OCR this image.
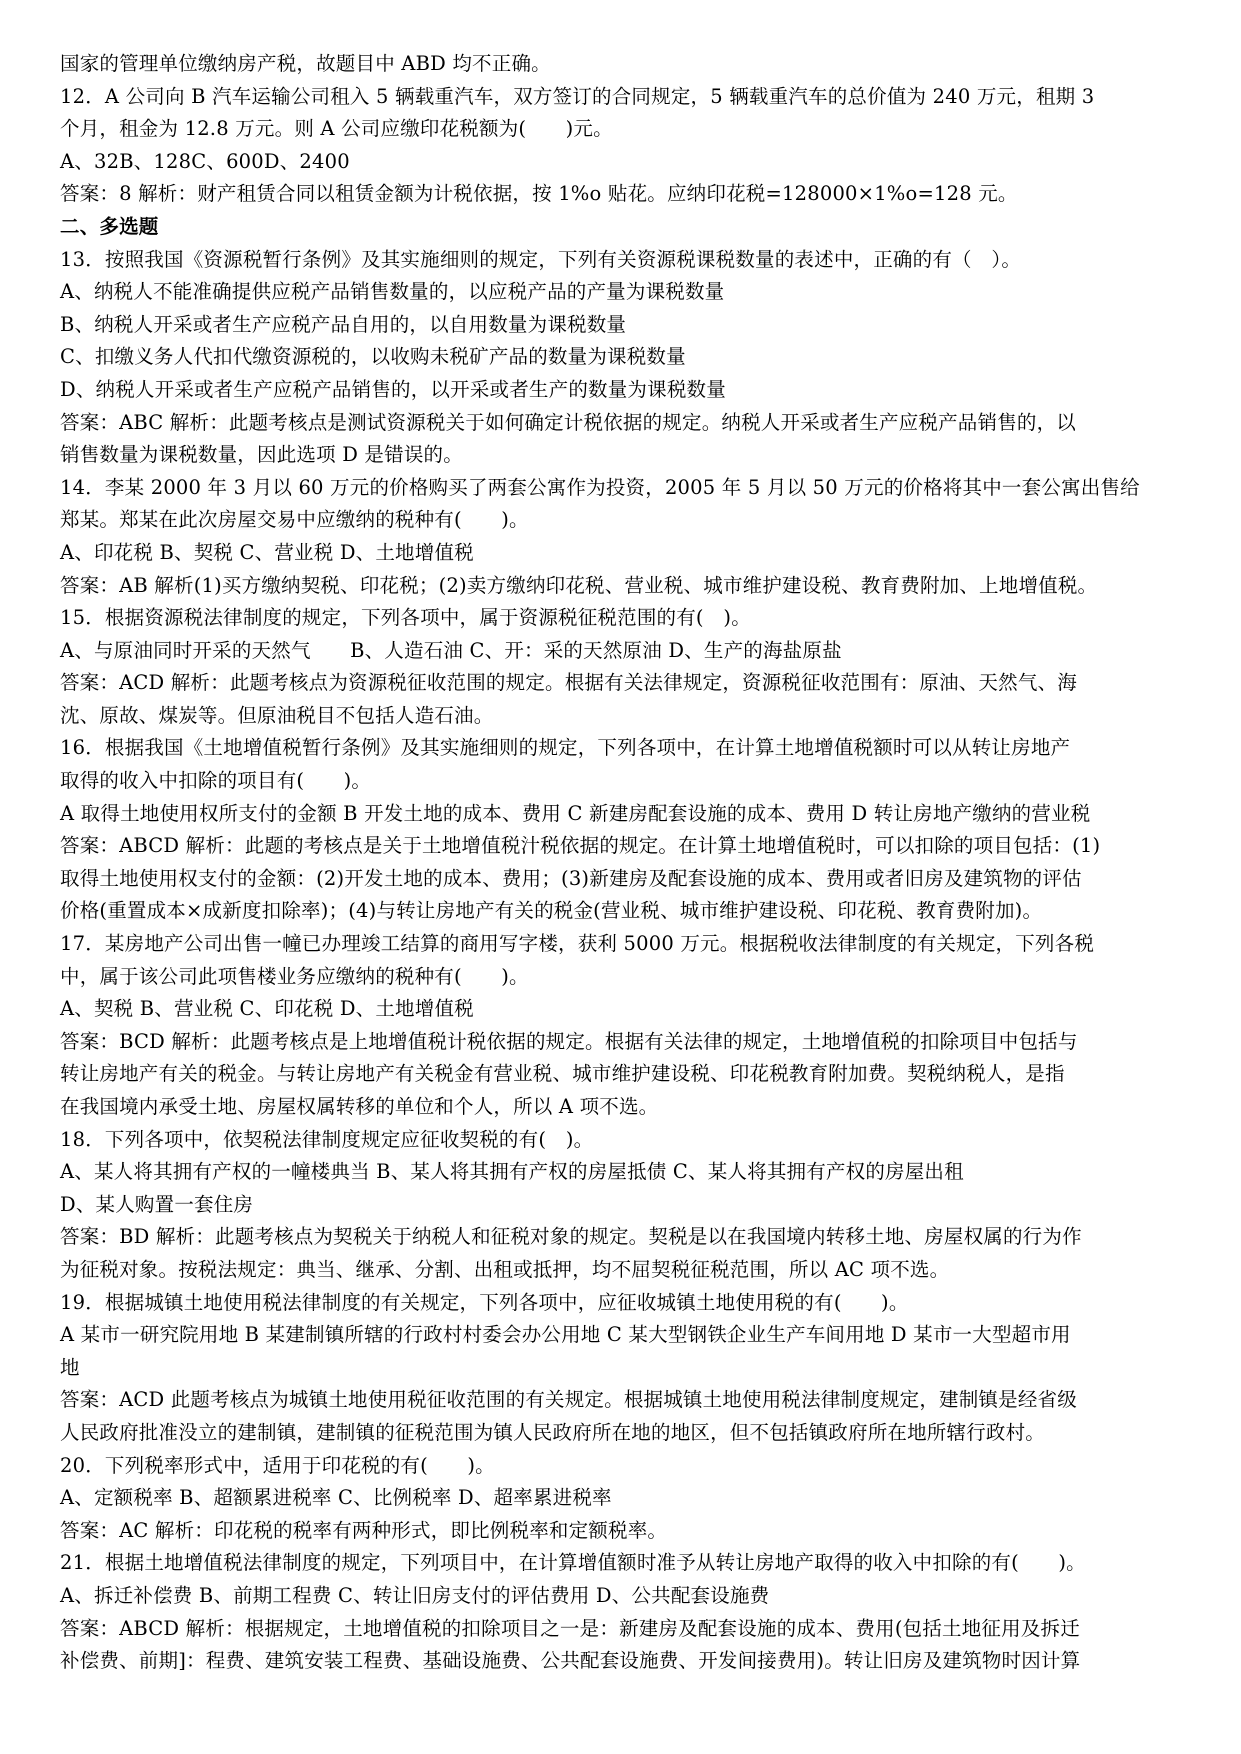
国家的管理单位缴纳房产税，故题目中 ABD 均不正确。
12．A 公司向 B 汽车运输公司租入 5 辆载重汽车，双方签订的合同规定，5 辆载重汽车的总价值为 240 万元，租期 3
个月，租金为 12.8 万元。则 A 公司应缴印花税额为(　　)元。
A、32B、128C、600D、2400
答案：8 解析：财产租赁合同以租赁金额为计税依据，按 1%o 贴花。应纳印花税=128000×1%o=128 元。
二、多选题
13．按照我国《资源税暂行条例》及其实施细则的规定，下列有关资源税课税数量的表述中，正确的有（　）。
A、纳税人不能准确提供应税产品销售数量的，以应税产品的产量为课税数量
B、纳税人开采或者生产应税产品自用的，以自用数量为课税数量
C、扣缴义务人代扣代缴资源税的，以收购未税矿产品的数量为课税数量
D、纳税人开采或者生产应税产品销售的，以开采或者生产的数量为课税数量
答案：ABC 解析：此题考核点是测试资源税关于如何确定计税依据的规定。纳税人开采或者生产应税产品销售的，以
销售数量为课税数量，因此选项 D 是错误的。
14．李某 2000 年 3 月以 60 万元的价格购买了两套公寓作为投资，2005 年 5 月以 50 万元的价格将其中一套公寓出售给
郑某。郑某在此次房屋交易中应缴纳的税种有(　　)。
A、印花税 B、契税 C、营业税 D、土地增值税
答案：AB 解析(1)买方缴纳契税、印花税；(2)卖方缴纳印花税、营业税、城市维护建设税、教育费附加、上地增值税。
15．根据资源税法律制度的规定，下列各项中，属于资源税征税范围的有(　)。
A、与原油同时开采的天然气　　B、人造石油 C、开：采的天然原油 D、生产的海盐原盐
答案：ACD 解析：此题考核点为资源税征收范围的规定。根据有关法律规定，资源税征收范围有：原油、天然气、海
沈、原故、煤炭等。但原油税目不包括人造石油。
16．根据我国《土地增值税暂行条例》及其实施细则的规定，下列各项中，在计算土地增值税额时可以从转让房地产
取得的收入中扣除的项目有(　　)。
A 取得土地使用权所支付的金额 B 开发土地的成本、费用 C 新建房配套设施的成本、费用 D 转让房地产缴纳的营业税
答案：ABCD 解析：此题的考核点是关于土地增值税汁税依据的规定。在计算土地增值税时，可以扣除的项目包括：(1)
取得土地使用权支付的金额：(2)开发土地的成本、费用；(3)新建房及配套设施的成本、费用或者旧房及建筑物的评估
价格(重置成本×成新度扣除率)；(4)与转让房地产有关的税金(营业税、城市维护建设税、印花税、教育费附加)。
17．某房地产公司出售一幢已办理竣工结算的商用写字楼，获利 5000 万元。根据税收法律制度的有关规定，下列各税
中，属于该公司此项售楼业务应缴纳的税种有(　　)。
A、契税 B、营业税 C、印花税 D、土地增值税
答案：BCD 解析：此题考核点是上地增值税计税依据的规定。根据有关法律的规定，土地增值税的扣除项目中包括与
转让房地产有关的税金。与转让房地产有关税金有营业税、城市维护建设税、印花税教育附加费。契税纳税人，是指
在我国境内承受土地、房屋权属转移的单位和个人，所以 A 项不选。
18．下列各项中，依契税法律制度规定应征收契税的有(　)。
A、某人将其拥有产权的一幢楼典当 B、某人将其拥有产权的房屋抵债 C、某人将其拥有产权的房屋出租
D、某人购置一套住房
答案：BD 解析：此题考核点为契税关于纳税人和征税对象的规定。契税是以在我国境内转移土地、房屋权属的行为作
为征税对象。按税法规定：典当、继承、分割、出租或抵押，均不屈契税征税范围，所以 AC 项不选。
19．根据城镇土地使用税法律制度的有关规定，下列各项中，应征收城镇土地使用税的有(　　)。
A 某市一研究院用地 B 某建制镇所辖的行政村村委会办公用地 C 某大型钢铁企业生产车间用地 D 某市一大型超市用
地
答案：ACD 此题考核点为城镇土地使用税征收范围的有关规定。根据城镇土地使用税法律制度规定，建制镇是经省级
人民政府批准没立的建制镇，建制镇的征税范围为镇人民政府所在地的地区，但不包括镇政府所在地所辖行政村。
20．下列税率形式中，适用于印花税的有(　　)。
A、定额税率 B、超额累进税率 C、比例税率 D、超率累进税率
答案：AC 解析：印花税的税率有两种形式，即比例税率和定额税率。
21．根据土地增值税法律制度的规定，下列项目中，在计算增值额时准予从转让房地产取得的收入中扣除的有(　　)。
A、拆迁补偿费 B、前期工程费 C、转让旧房支付的评估费用 D、公共配套设施费
答案：ABCD 解析：根据规定，土地增值税的扣除项目之一是：新建房及配套设施的成本、费用(包括土地征用及拆迁
补偿费、前期]：程费、建筑安装工程费、基础设施费、公共配套设施费、开发间接费用)。转让旧房及建筑物时因计算
